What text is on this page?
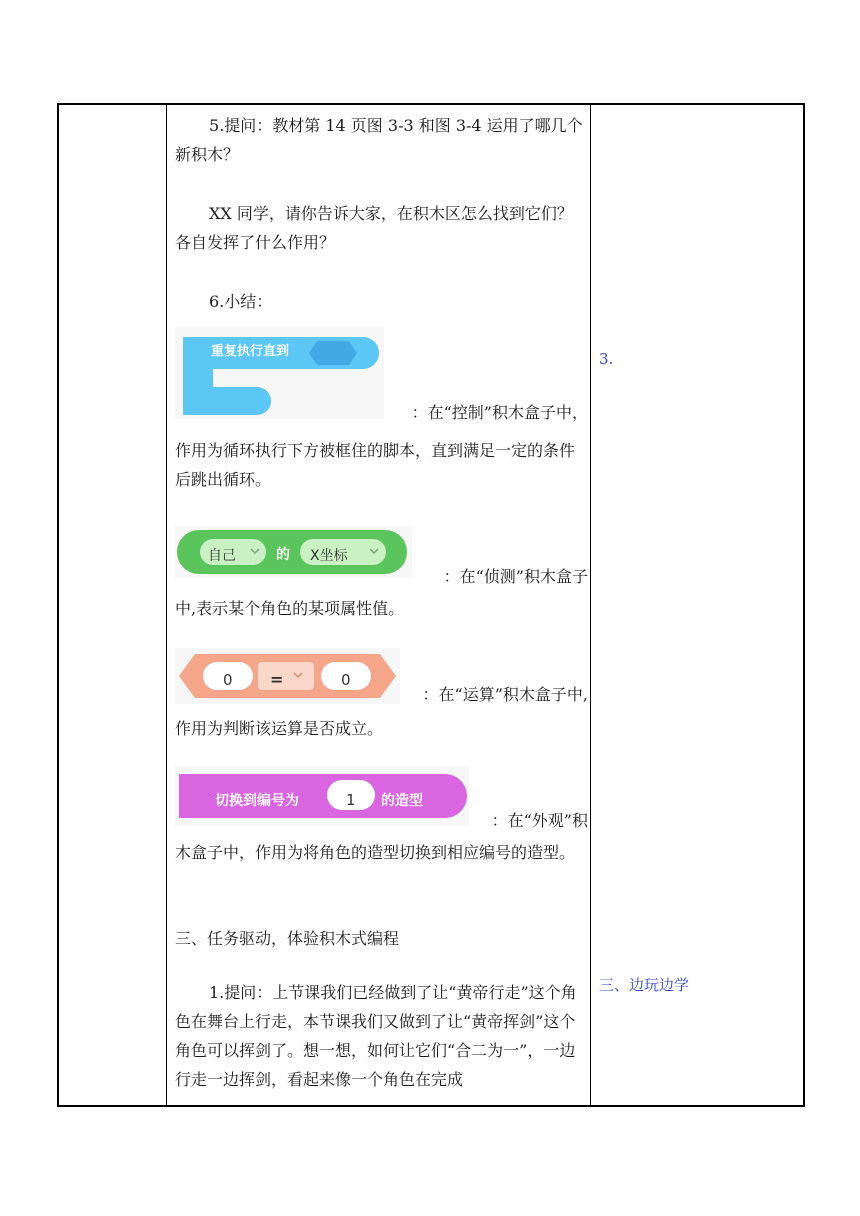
5.提问：教材第 14 页图 3-3 和图 3-4 运用了哪几个新积木？

XX 同学，请你告诉大家，在积木区怎么找到它们？各自发挥了什么作用？

6.小结：

重复执行直到

：在“控制”积木盒子中，

作用为循环执行下方被框住的脚本，直到满足一定的条件后跳出循环。

自己	的 X坐标

：在“侦测”积木盒子

中,表示某个角色的某项属性值。

0 =	0

：在“运算”积木盒子中,

作用为判断该运算是否成立。

切换到编号为	1 的造型

：在“外观”积

木盒子中，作用为将角色的造型切换到相应编号的造型。

三、任务驱动，体验积木式编程

1.提问：上节课我们已经做到了让“黄帝行走”这个角色在舞台上行走，本节课我们又做到了让“黄帝挥剑”这个角色可以挥剑了。想一想，如何让它们“合二为一”，一边行走一边挥剑，看起来像一个角色在完成

3.
三、边玩边学
